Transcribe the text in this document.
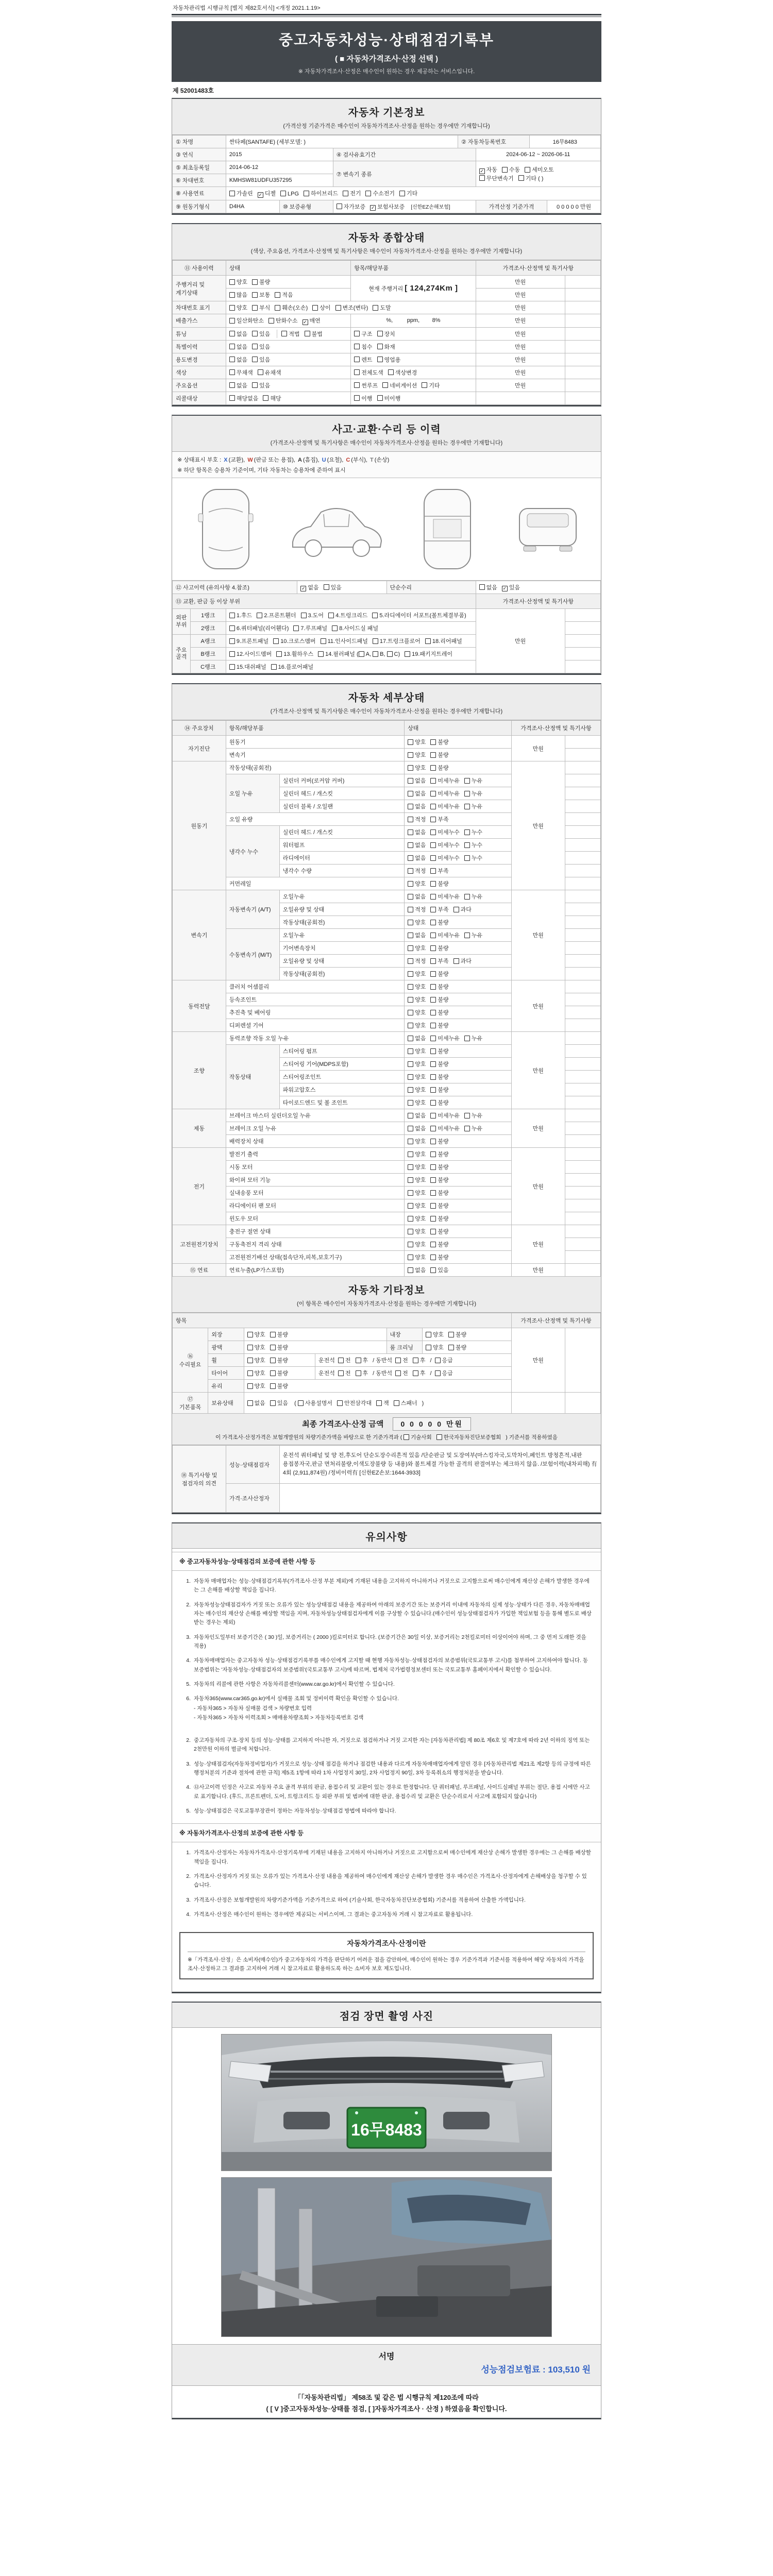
자동차관리법 시행규칙 [별지 제82호서식] <개정 2021.1.19>
중고자동차성능·상태점검기록부
( ■ 자동차가격조사·산정 선택 )
※ 자동차가격조사·산정은 매수인이 원하는 경우 제공하는 서비스입니다.
제 52001483호
자동차 기본정보
(가격산정 기준가격은 매수인이 자동차가격조사·산정을 원하는 경우에만 기재합니다)
① 차명	싼타페(SANTAFE) (세부모델: )			② 자동차등록번호		16무8483	
③ 연식	2015		④ 검사유효기간		2024-06-12 ~ 2026-06-11		
⑤ 최초등록일	2014-06-12		⑦ 변속기 종류		✓ 자동 수동 세미오토무단변속기 기타 ( )		
⑥ 차대번호	KMHSW81UDFU357295						
⑧ 사용연료	가솔린 ✓ 디젤 LPG 하이브리드 전기 수소전기 기타						
⑨ 원동기형식	D4HA	⑩ 보증유형	자가보증 ✓ 보험사보증 [신한EZ손해보험]		가격산정 기준가격		0 0 0 0 0 만원
자동차 종합상태
(색상, 주요옵션, 가격조사·산정액 및 특기사항은 매수인이 자동차가격조사·산정을 원하는 경우에만 기재합니다)
⑪ 사용이력	상태	항목/해당부품	가격조사·산정액 및 특기사항	
주행거리 및 계기상태	양호 불량	현재 주행거리 [ 124,274Km ]	만원	
	많음 보통 적음		만원	
차대번호 표기	양호 부식 훼손(오손) 상이 변조(변타) 도말		만원	
배출가스	일산화탄소 탄화수소 ✓ 매연	%,         ppm,        8%	만원	
튜닝	없음 있음 적법 불법	구조 장치	만원	
특별이력	없음 있음	침수 화재	만원	
용도변경	없음 있음	렌트 영업용	만원	
색상	무채색 유채색	전체도색 색상변경	만원	
주요옵션	없음 있음	썬루프 네비게이션 기타	만원	
리콜대상	해당없음 해당	이행 미이행		
사고·교환·수리 등 이력
(가격조사·산정액 및 특기사항은 매수인이 자동차가격조사·산정을 원하는 경우에만 기재합니다)
※ 상태표시 부호 : X (교환), W (판금 또는 용접), A (흠집), U (요철), C (부식), T (손상)
※ 하단 항목은 승용차 기준이며, 기타 자동차는 승용차에 준하여 표시
⑫ 사고이력 (유의사항 4.참조)			✓ 없음 있음	단순수리	없음 ✓ 있음	
⑬ 교환, 판금 등 이상 부위					가격조사·산정액 및 특기사항	
외판부위	1랭크	1.후드 2.프론트휀더 3.도어 4.트렁크리드 5.라디에이터 서포트(볼트체결부품)			만원	
	2랭크	6.쿼터패널(리어휀다) 7.루프패널 8.사이드실 패널				
주요골격	A랭크	9.프론트패널 10.크로스멤버 11.인사이드패널 17.트렁크플로어 18.리어패널				
	B랭크	12.사이드멤버 13.휠하우스 14.필러패널 ( A, B, C) 19.패키지트레이				
	C랭크	15.대쉬패널 16.플로어패널				
자동차 세부상태
(가격조사·산정액 및 특기사항은 매수인이 자동차가격조사·산정을 원하는 경우에만 기재합니다)
⑭ 주요장치	항목/해당부품		상태	가격조사·산정액 및 특기사항	
자기진단	원동기		양호 불량	만원	
	변속기		양호 불량		
원동기	작동상태(공회전)		양호 불량	만원	
	오일 누유	실린더 커버(로커암 커버)	없음 미세누유 누유		
		실린더 헤드 / 개스킷	없음 미세누유 누유		
		실린더 블록 / 오일팬	없음 미세누유 누유		
	오일 유량		적정 부족		
	냉각수 누수	실린더 헤드 / 개스킷	없음 미세누수 누수		
		워터펌프	없음 미세누수 누수		
		라디에이터	없음 미세누수 누수		
		냉각수 수량	적정 부족		
	커먼레일		양호 불량		
변속기	자동변속기 (A/T)	오일누유	없음 미세누유 누유	만원	
		오일유량 및 상태	적정 부족 과다		
		작동상태(공회전)	양호 불량		
	수동변속기 (M/T)	오일누유	없음 미세누유 누유		
		기어변속장치	양호 불량		
		오일유량 및 상태	적정 부족 과다		
		작동상태(공회전)	양호 불량		
동력전달	클러치 어셈블리		양호 불량	만원	
	등속조인트		양호 불량		
	추진축 및 베어링		양호 불량		
	디퍼렌셜 기어		양호 불량		
조향	동력조향 작동 오일 누유		없음 미세누유 누유	만원	
	작동상태	스티어링 펌프	양호 불량		
		스티어링 기어(MDPS포함)	양호 불량		
		스티어링조인트	양호 불량		
		파워고압호스	양호 불량		
		타이로드엔드 및 볼 조인트	양호 불량		
제동	브레이크 마스터 실린더오일 누유		없음 미세누유 누유	만원	
	브레이크 오일 누유		없음 미세누유 누유		
	배력장치 상태		양호 불량		
전기	발전기 출력		양호 불량	만원	
	시동 모터		양호 불량		
	와이퍼 모터 기능		양호 불량		
	실내송풍 모터		양호 불량		
	라디에이터 팬 모터		양호 불량		
	윈도우 모터		양호 불량		
고전원전기장치	충전구 절연 상태		양호 불량	만원	
	구동축전지 격리 상태		양호 불량		
	고전원전기배선 상태(접속단자,피복,보호기구)		양호 불량		
⑮ 연료	연료누출(LP가스포함)		없음 있음	만원	
자동차 기타정보
(이 항목은 매수인이 자동차가격조사·산정을 원하는 경우에만 기재합니다)
항목						가격조사·산정액 및 특기사항	
⑯ 수리필요	외장	양호 불량		내장	양호 불량	만원	
	광택	양호 불량		룸 크리닝	양호 불량		
	휠	양호 불량	운전석 전 후 / 동반석 전 후 / 응급				
	타이어	양호 불량	운전석 전 후 / 동반석 전 후 / 응급				
	유리	양호 불량					
⑰ 기본품목	보유상태	없음 있음 ( 사용설명서 안전삼각대 잭 스패너 )					
최종 가격조사·산정 금액 0 0 0 0 0 만원
이 가격조사·산정가격은 보험개발원의 차량기준가액을 바탕으로 한 기준가격과 ( 기술사회 한국자동차진단보증협회 ) 기준서를 적용하였음
⑱ 특기사항 및 점검자의 의견	성능·상태점검자	운전석 쿼터패널 및 양 전,후도어 단순도장수리흔적 있음 /단순판금 및 도장여부(마스킹자국,도막차이,페인트 방청흔적,내판 용접봉자국,판금 면처리불량,이색도장불량 등 내용)와 볼트체결 가능한 골격의 판결여부는 체크하지 않음. /보험이력(내차피해) 有 4회 (2,911,874원) /정비이력有 [신한EZ손보:1644-3933]
	가격·조사산정자	
유의사항
※ 중고자동차성능·상태점검의 보증에 관한 사항 등
1. 자동차 매매업자는 성능·상태점검기록부(가격조사·산정 부분 제외)에 기재된 내용을 고지하지 아니하거나 거짓으로 고지함으로써 매수인에게 재산상 손해가 발생한 경우에는 그 손해를 배상할 책임을 집니다.
2. 자동차성능상태점검자가 거짓 또는 오류가 있는 성능상태점검 내용을 제공하여 아래의 보증기간 또는 보증거리 이내에 자동차의 실제 성능·상태가 다른 경우, 자동차매매업자는 매수인의 재산상 손해를 배상할 책임을 지며, 자동차성능상태점검자에게 이를 구상할 수 있습니다.(매수인이 성능상태점검자가 가입한 책임보험 등을 통해 별도로 배상받는 경우는 제외)
3. 자동차인도일부터 보증기간은 ( 30 )일, 보증거리는 ( 2000 )킬로미터로 합니다. (보증기간은 30일 이상, 보증거리는 2천킬로미터 이상이어야 하며, 그 중 먼저 도래한 것을 적용)
4. 자동차매매업자는 중고자동차 성능·상태점검기록부를 매수인에게 고지할 때 현행 자동차성능·상태점검자의 보증범위(국토교통부 고시)를 첨부하여 고지하여야 합니다. 동 보증범위는 '자동차성능·상태점검자의 보증범위'(국토교통부 고시)에 따르며, 법제처 국가법령정보센터 또는 국토교통부 홈페이지에서 확인할 수 있습니다.
5. 자동차의 리콜에 관한 사항은 자동차리콜센터(www.car.go.kr)에서 확인할 수 있습니다.
6. 자동차365(www.car365.go.kr)에서 실매물 조회 및 정비이력 확인을 확인할 수 있습니다.
- 자동차365 > 자동차 실매물 검색 > 차량번호 입력
- 자동차365 > 자동차 이력조회 > 매매용차량조회 > 자동차등록번호 검색
2. 중고자동차의 구조·장치 등의 성능·상태를 고지하지 아니한 자, 거짓으로 점검하거나 거짓 고지한 자는 [자동차관리법] 제 80조 제6호 및 제7호에 따라 2년 이하의 징역 또는 2천만원 이하의 벌금에 처합니다.
3. 성능·상태점검자(자동차정비업자)가 거짓으로 성능·상태 점검을 하거나 점검한 내용과 다르게 자동차매매업자에게 알린 경우 [자동차관리법 제21조 제2항 등의 규정에 따른 행정처분의 기준과 절차에 관한 규칙] 제5조 1항에 따라 1차 사업정지 30일, 2차 사업정지 90일, 3차 등록취소의 행정처분을 받습니다.
4. ⑫사고이력 인정은 사고로 자동차 주요 골격 부위의 판금, 용접수리 및 교환이 있는 경우로 한정합니다. 단 쿼터패널, 루프패널, 사이드실패널 부위는 절단, 용접 시에만 사고로 표기합니다. (후드, 프론트펜더, 도어, 트렁크리드 등 외판 부위 및 범퍼에 대한 판금, 용접수리 및 교환은 단순수리로서 사고에 포함되지 않습니다)
5. 성능·상태점검은 국토교통부장관이 정하는 자동차성능·상태점검 방법에 따라야 합니다.
※ 자동차가격조사·산정의 보증에 관한 사항 등
1. 가격조사·산정자는 자동차가격조사·산정기록부에 기재된 내용을 고지하지 아니하거나 거짓으로 고지함으로써 매수인에게 재산상 손해가 발생한 경우에는 그 손해를 배상할 책임을 집니다.
2. 가격조사·산정자가 거짓 또는 오류가 있는 가격조사·산정 내용을 제공하여 매수인에게 재산상 손해가 발생한 경우 매수인은 가격조사·산정자에게 손해배상을 청구할 수 있습니다.
3. 가격조사·산정은 보험개발원의 차량기준가액을 기준가격으로 하여 (기술사회, 한국자동차진단보증협회) 기준서를 적용하여 산출한 가액입니다.
4. 가격조사·산정은 매수인이 원하는 경우에만 제공되는 서비스이며, 그 결과는 중고자동차 거래 시 참고자료로 활용됩니다.
자동차가격조사·산정이란
※「가격조사·산정」은 소비자(매수인)가 중고자동차의 가격을 판단하기 어려운 점을 감안하여, 매수인이 원하는 경우 기준가격과 기준서를 적용하여 해당 자동차의 가격을 조사·산정하고 그 결과를 고지하여 거래 시 참고자료로 활용하도록 하는 소비자 보호 제도입니다.
점검 장면 촬영 사진
16무8483
서명
성능점검보험료 : 103,510 원
「「자동차관리법」 제58조 및 같은 법 시행규칙 제120조에 따라
( [ V ]중고자동차성능·상태를 점검, [ ]자동차가격조사 · 산정 ) 하였음을 확인합니다.
